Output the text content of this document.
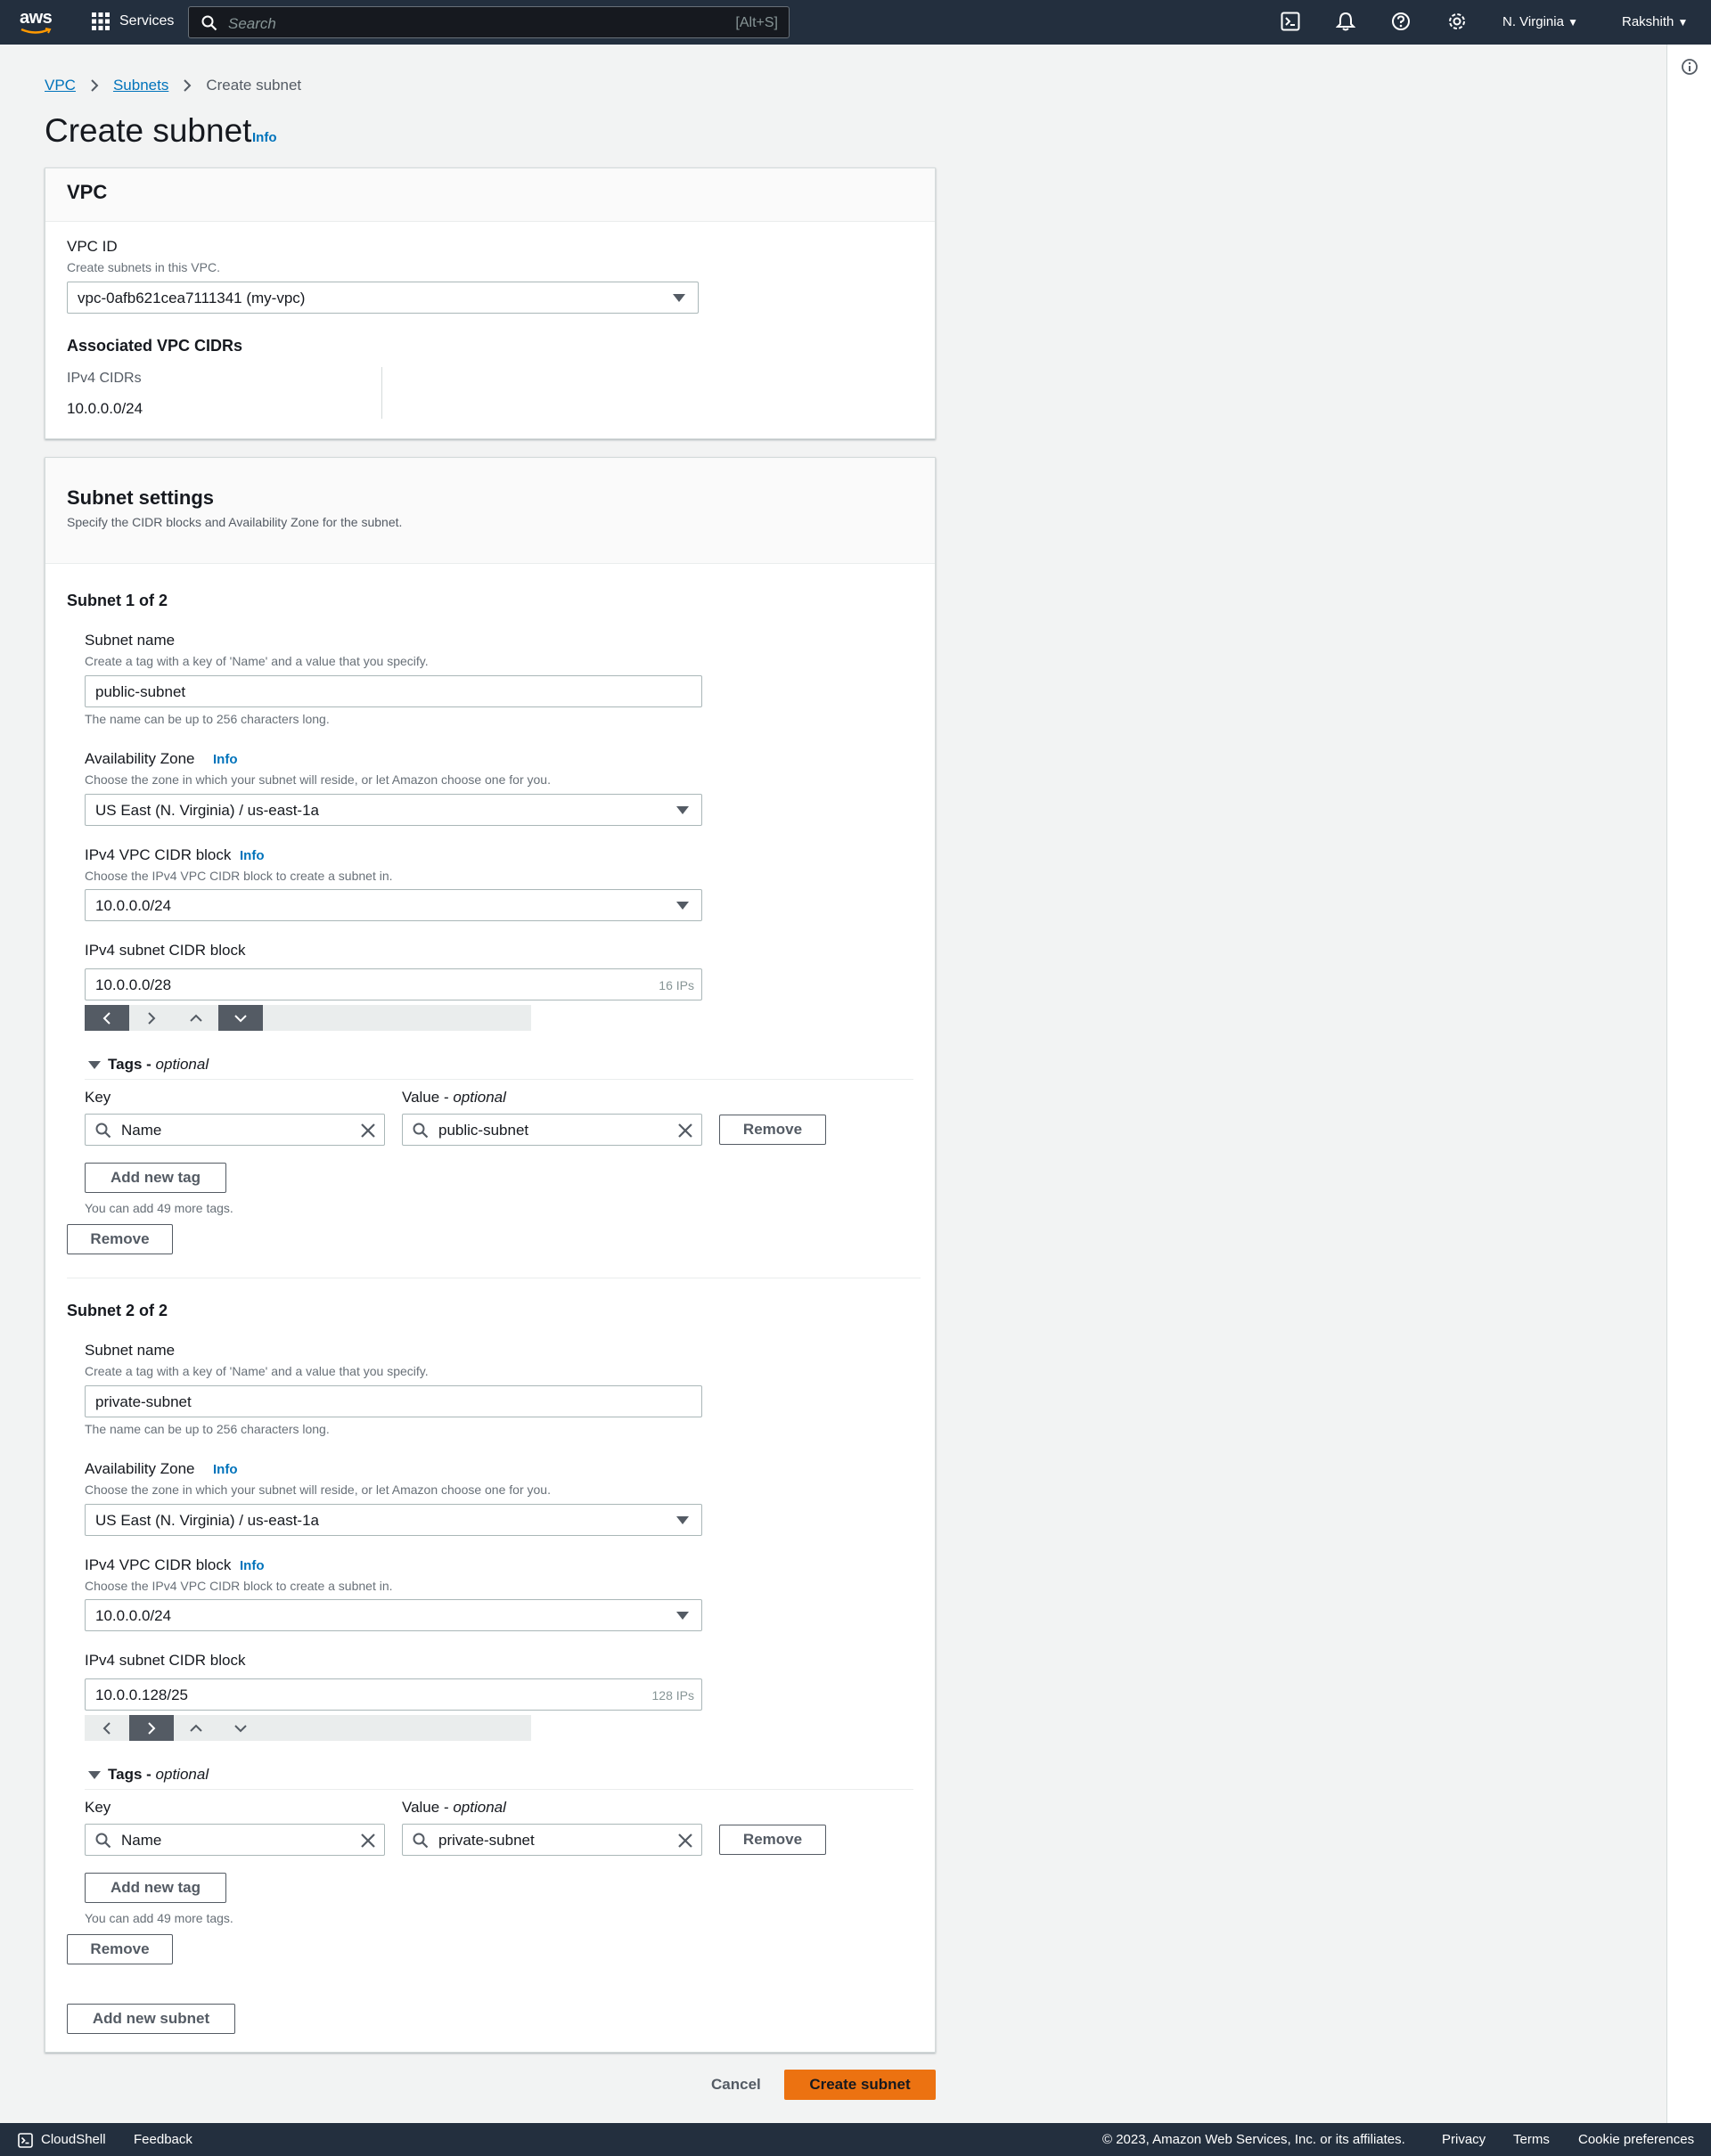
aws	Services	Search	[Alt+S]	N. Virginia ▼	Rakshith ▼
VPC Subnets Create subnet
Create subnet Info
VPC
VPC ID
Create subnets in this VPC.
vpc-0afb621cea7111341 (my-vpc)
Associated VPC CIDRs
IPv4 CIDRs
10.0.0.0/24
Subnet settings
Specify the CIDR blocks and Availability Zone for the subnet.
Subnet 1 of 2
Subnet name
Create a tag with a key of 'Name' and a value that you specify.
public-subnet
The name can be up to 256 characters long.
Availability Zone Info
Choose the zone in which your subnet will reside, or let Amazon choose one for you.
US East (N. Virginia) / us-east-1a
IPv4 VPC CIDR block Info
Choose the IPv4 VPC CIDR block to create a subnet in.
10.0.0.0/24
IPv4 subnet CIDR block
10.0.0.0/28	16 IPs
Tags - optional
Key	Value - optional
Name	public-subnet	Remove
Add new tag
You can add 49 more tags.
Remove
Subnet 2 of 2
Subnet name
Create a tag with a key of 'Name' and a value that you specify.
private-subnet
The name can be up to 256 characters long.
Availability Zone Info
Choose the zone in which your subnet will reside, or let Amazon choose one for you.
US East (N. Virginia) / us-east-1a
IPv4 VPC CIDR block Info
Choose the IPv4 VPC CIDR block to create a subnet in.
10.0.0.0/24
IPv4 subnet CIDR block
10.0.0.128/25	128 IPs
Tags - optional
Key	Value - optional
Name	private-subnet	Remove
Add new tag
You can add 49 more tags.
Remove
Add new subnet
Cancel	Create subnet
CloudShell Feedback	© 2023, Amazon Web Services, Inc. or its affiliates.	Privacy Terms Cookie preferences
